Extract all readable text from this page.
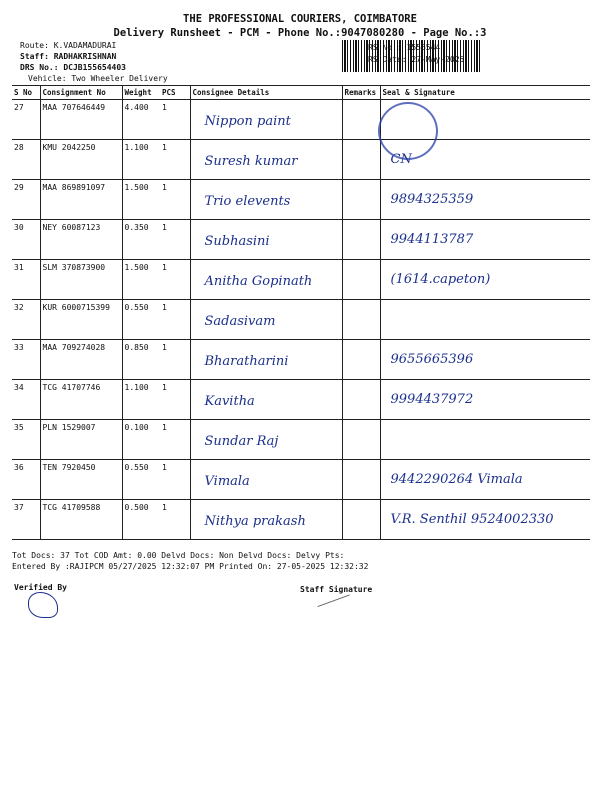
THE PROFESSIONAL COURIERS, COIMBATORE
Delivery Runsheet - PCM - Phone No.:9047080280 - Page No.:3
Route: K.VADAMADURAI
Staff: RADHAKRISHNAN
DRS No.: DCJB155654403
Vehicle: Two Wheeler Delivery
RS No.: 1556544
RS Date: 27-May-2025
S No	Consignment No	Weight	PCS	Consignee Details	Remarks	Seal & Signature
27	MAA 707646449	4.400	1	Nippon paint		

28	KMU 2042250	1.100	1	Suresh kumar		CN

29	MAA 869891097	1.500	1	Trio elevents		9894325359

30	NEY 60087123	0.350	1	Subhasini		9944113787

31	SLM 370873900	1.500	1	Anitha Gopinath		(1614.capeton)

32	KUR 6000715399	0.550	1	Sadasivam		

33	MAA 709274028	0.850	1	Bharatharini		9655665396

34	TCG 41707746	1.100	1	Kavitha		9994437972

35	PLN 1529007	0.100	1	Sundar Raj		

36	TEN 7920450	0.550	1	Vimala		9442290264 Vimala

37	TCG 41709588	0.500	1	Nithya prakash		V.R. Senthil 9524002330
Tot Docs: 37 Tot COD Amt: 0.00 Delvd Docs: Non Delvd Docs: Delvy Pts:
Entered By :RAJIPCM 05/27/2025 12:32:07 PM Printed On: 27-05-2025 12:32:32
Verified By	Staff Signature
